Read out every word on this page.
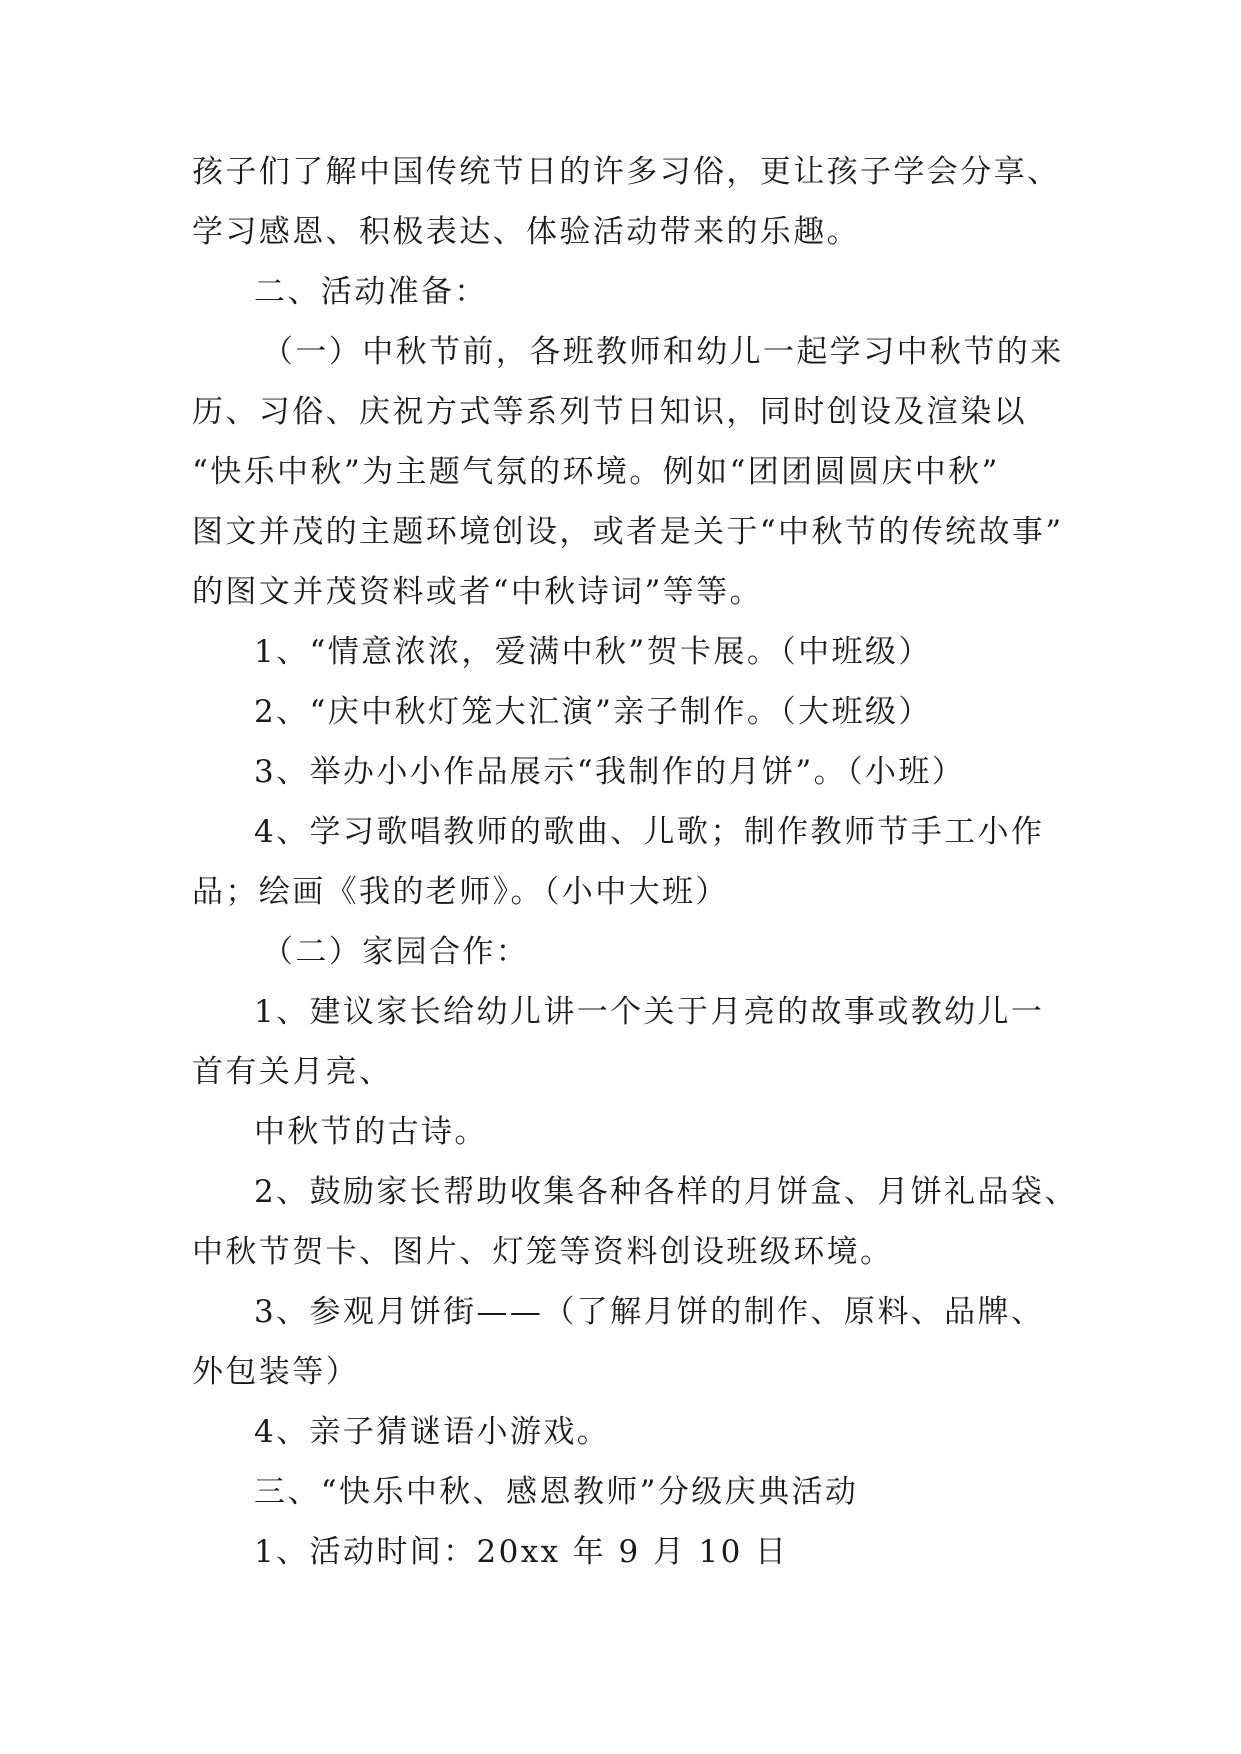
孩子们了解中国传统节日的许多习俗，更让孩子学会分享、
学习感恩、积极表达、体验活动带来的乐趣。
二、活动准备：
（一）中秋节前，各班教师和幼儿一起学习中秋节的来
历、习俗、庆祝方式等系列节日知识，同时创设及渲染以
“快乐中秋”为主题气氛的环境。例如“团团圆圆庆中秋”
图文并茂的主题环境创设，或者是关于“中秋节的传统故事”
的图文并茂资料或者“中秋诗词”等等。
1、“情意浓浓，爱满中秋”贺卡展。（中班级）
2、“庆中秋灯笼大汇演”亲子制作。（大班级）
3、举办小小作品展示“我制作的月饼”。（小班）
4、学习歌唱教师的歌曲、儿歌；制作教师节手工小作
品；绘画《我的老师》。（小中大班）
（二）家园合作：
1、建议家长给幼儿讲一个关于月亮的故事或教幼儿一
首有关月亮、
中秋节的古诗。
2、鼓励家长帮助收集各种各样的月饼盒、月饼礼品袋、
中秋节贺卡、图片、灯笼等资料创设班级环境。
3、参观月饼街——（了解月饼的制作、原料、品牌、
外包装等）
4、亲子猜谜语小游戏。
三、“快乐中秋、感恩教师”分级庆典活动
1、活动时间：20xx 年 9 月 10 日
